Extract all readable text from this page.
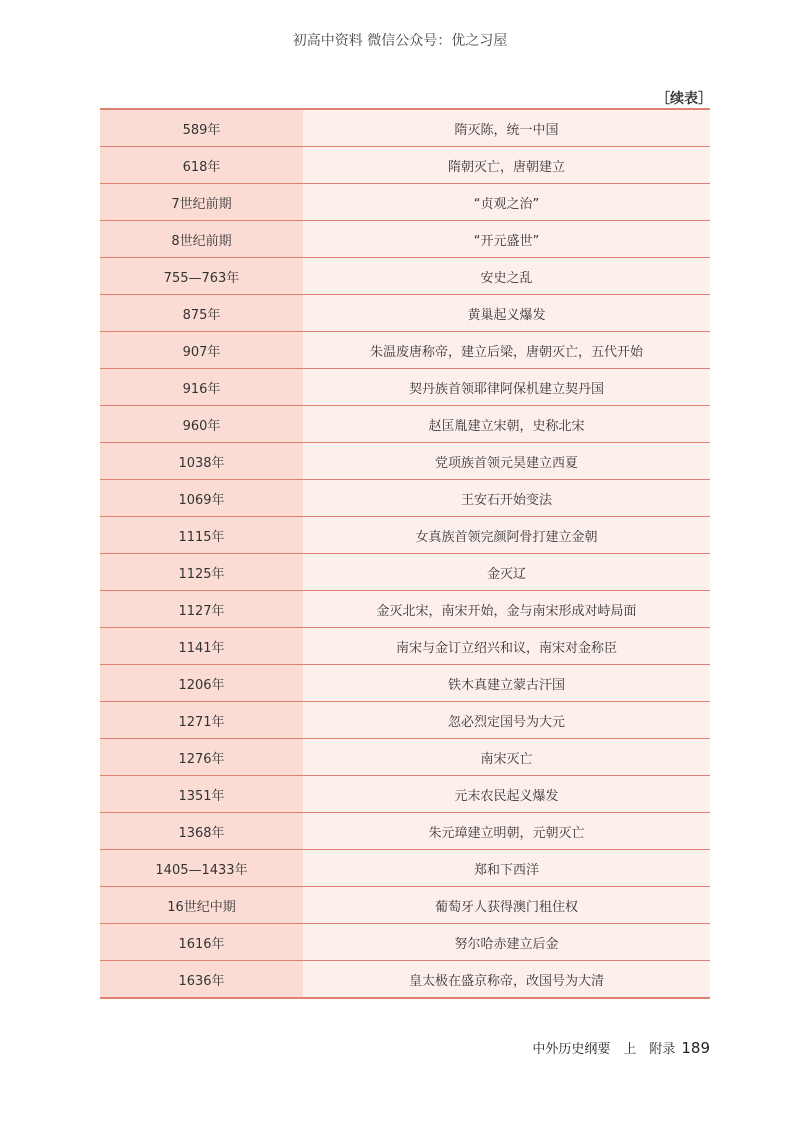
初高中资料 微信公众号：优之习屋
［续表］
589年	隋灭陈，统一中国
618年	隋朝灭亡，唐朝建立
7世纪前期	“贞观之治”
8世纪前期	“开元盛世”
755—763年	安史之乱
875年	黄巢起义爆发
907年	朱温废唐称帝，建立后梁，唐朝灭亡，五代开始
916年	契丹族首领耶律阿保机建立契丹国
960年	赵匡胤建立宋朝，史称北宋
1038年	党项族首领元昊建立西夏
1069年	王安石开始变法
1115年	女真族首领完颜阿骨打建立金朝
1125年	金灭辽
1127年	金灭北宋，南宋开始，金与南宋形成对峙局面
1141年	南宋与金订立绍兴和议，南宋对金称臣
1206年	铁木真建立蒙古汗国
1271年	忽必烈定国号为大元
1276年	南宋灭亡
1351年	元末农民起义爆发
1368年	朱元璋建立明朝，元朝灭亡
1405—1433年	郑和下西洋
16世纪中期	葡萄牙人获得澳门租住权
1616年	努尔哈赤建立后金
1636年	皇太极在盛京称帝，改国号为大清
中外历史纲要　上　附录 189
